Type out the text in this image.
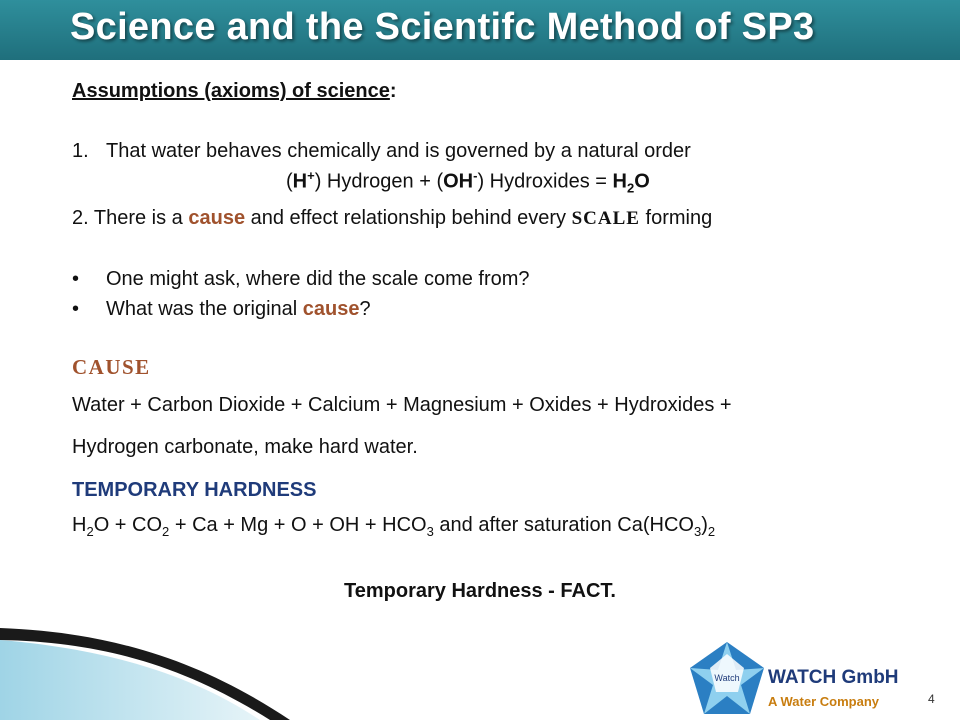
Science and the Scientifc Method of SP3
Assumptions (axioms) of science:
1. That water behaves chemically and is governed by a natural order
(H+) Hydrogen + (OH-) Hydroxides = $H_2O$
2. There is a cause and effect relationship behind every SCALE forming
• One might ask, where did the scale come from?
• What was the original cause?
CAUSE
Water + Carbon Dioxide + Calcium + Magnesium + Oxides + Hydroxides +
Hydrogen carbonate, make hard water.
TEMPORARY HARDNESS
$H_2O + CO_2 + Ca + Mg + O$ + OH + $HCO_3$ and after saturation $Ca(HCO_3)_2$
Temporary Hardness - FACT.
Watch WATCH GmbH
A Water Company	4
